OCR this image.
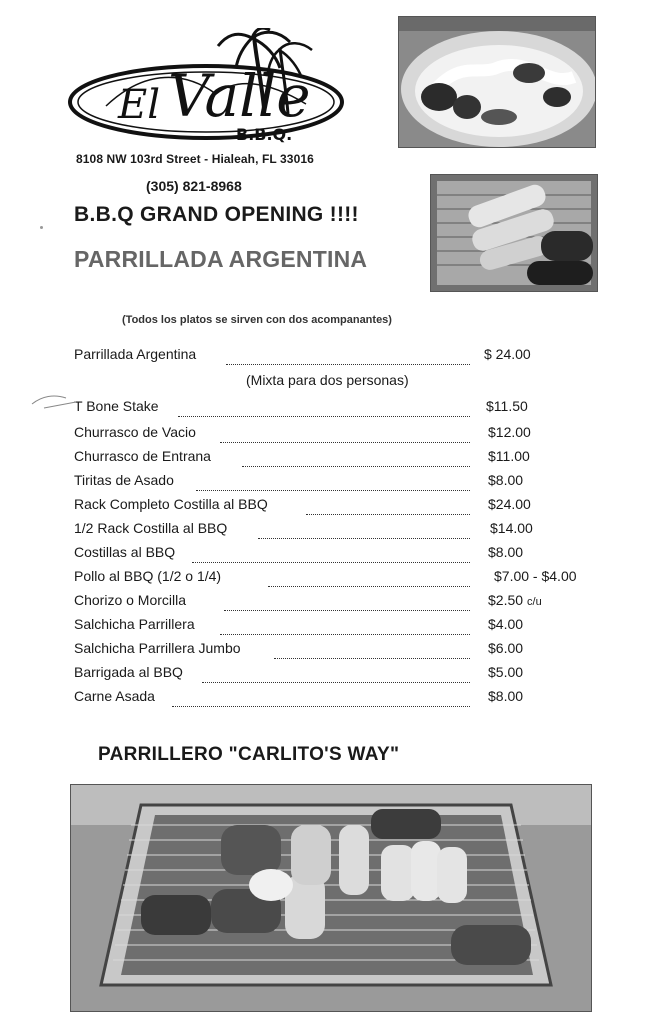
El Valle
B.B.Q.
8108 NW 103rd Street - Hialeah, FL 33016
(305) 821-8968
B.B.Q GRAND OPENING !!!!
PARRILLADA ARGENTINA
(Todos los platos se sirven con dos acompanantes)
Parrillada Argentina	$ 24.00
(Mixta para dos personas)
T Bone Stake	$11.50
Churrasco de Vacio	$12.00
Churrasco de Entrana	$11.00
Tiritas de Asado	$8.00
Rack Completo Costilla al BBQ	$24.00
1/2 Rack Costilla al BBQ	$14.00
Costillas al BBQ	$8.00
Pollo al BBQ (1/2 o 1/4)	$7.00 - $4.00
Chorizo o Morcilla	$2.50 c/u
Salchicha Parrillera	$4.00
Salchicha Parrillera Jumbo	$6.00
Barrigada al BBQ	$5.00
Carne Asada	$8.00
PARRILLERO "CARLITO'S WAY"
